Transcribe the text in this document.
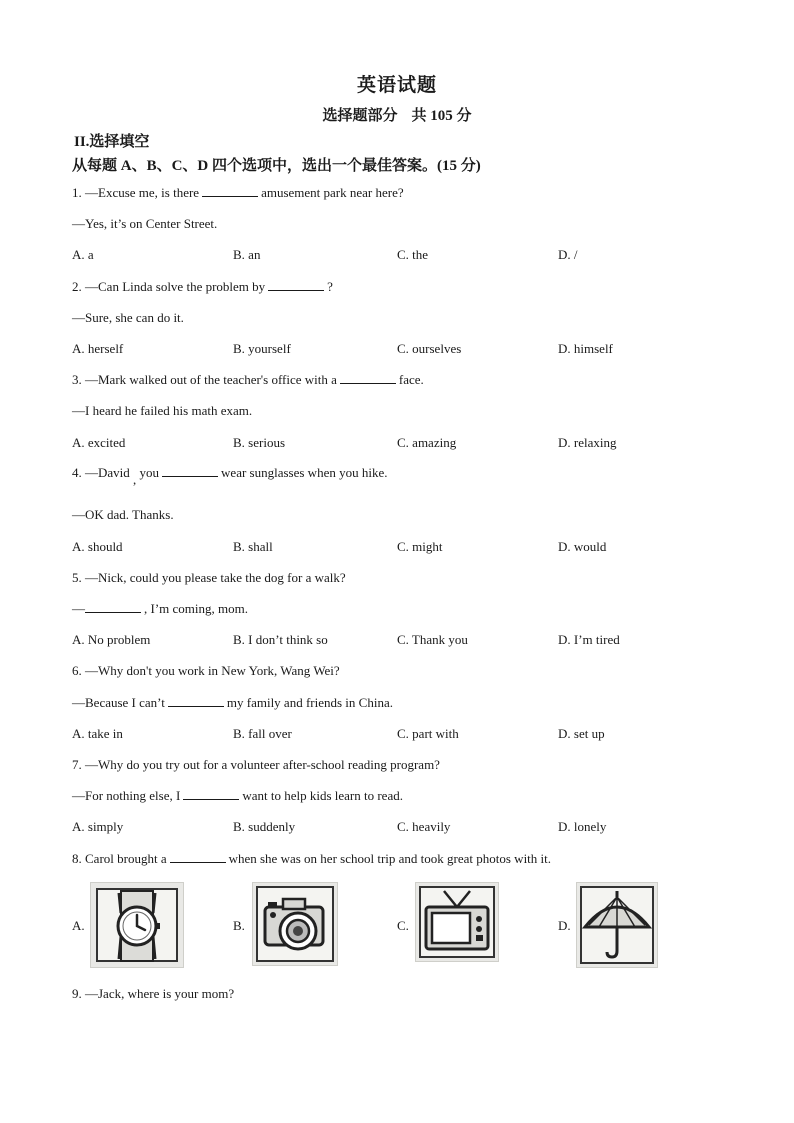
英语试题
选择题部分 共 105 分
II.选择填空
从每题 A、B、C、D 四个选项中，选出一个最佳答案。(15 分)
1. —Excuse me, is there	amusement park near here?
—Yes, it’s on Center Street.
A. a	B. an	C. the	D. /
2. —Can Linda solve the problem by	?
—Sure, she can do it.
A. herself	B. yourself	C. ourselves	D. himself
3. —Mark walked out of the teacher's office with a	face.
—I heard he failed his math exam.
A. excited	B. serious	C. amazing	D. relaxing
4. —David , you	wear sunglasses when you hike.
—OK dad. Thanks.
A. should	B. shall	C. might	D. would
5. —Nick, could you please take the dog for a walk?
—	, I’m coming, mom.
A. No problem	B. I don’t think so	C. Thank you	D. I’m tired
6. —Why don't you work in New York, Wang Wei?
—Because I can’t	my family and friends in China.
A. take in	B. fall over	C. part with	D. set up
7. —Why do you try out for a volunteer after-school reading program?
—For nothing else, I	want to help kids learn to read.
A. simply	B. suddenly	C. heavily	D. lonely
8. Carol brought a	when she was on her school trip and took great photos with it.
A.	B.	C.	D.
9. —Jack, where is your mom?
